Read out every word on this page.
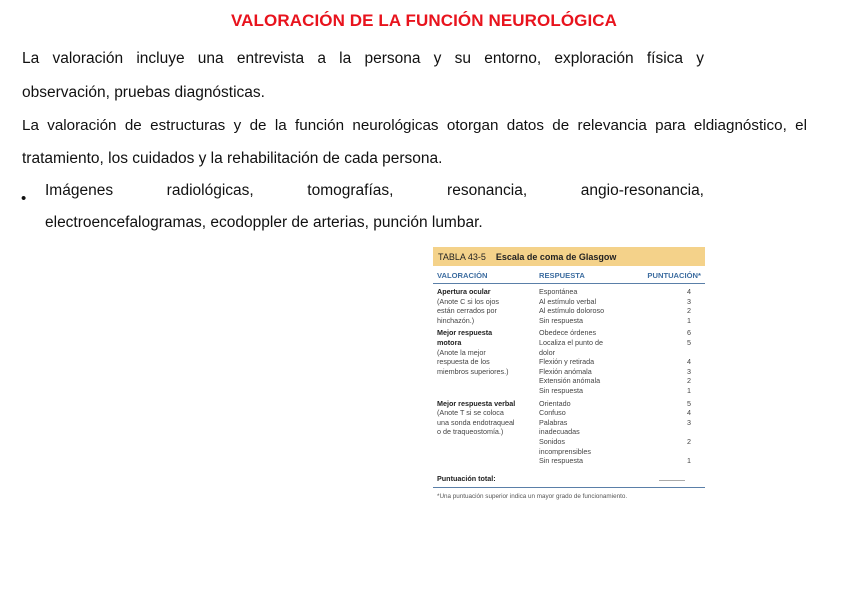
VALORACIÓN DE LA FUNCIÓN NEUROLÓGICA
La valoración incluye una entrevista a la persona y su entorno, exploración física y
observación, pruebas diagnósticas.
La valoración de estructuras y de la función neurológicas otorgan datos de relevancia para eldiagnóstico, el
tratamiento, los cuidados y la rehabilitación de cada persona.
• Imágenes radiológicas, tomografías, resonancia, angio-resonancia,
electroencefalogramas, ecodoppler de arterias, punción lumbar.
TABLA 43-5 Escala de coma de Glasgow
VALORACIÓN	RESPUESTA	PUNTUACIÓN*
Apertura ocular
(Anote C si los ojos
están cerrados por
hinchazón.)
Espontánea
Al estímulo verbal
Al estímulo doloroso
Sin respuesta
4
3
2
1
Mejor respuesta motora
(Anote la mejor
respuesta de los
miembros superiores.)
Obedece órdenes
Localiza el punto de dolor
Flexión y retirada
Flexión anómala
Extensión anómala
Sin respuesta
6
5
4
3
2
1
Mejor respuesta verbal
(Anote T si se coloca
una sonda endotraqueal
o de traqueostomía.)
Orientado
Confuso
Palabras inadecuadas
Sonidos incomprensibles
Sin respuesta
5
4
3
2
1
Puntuación total:
*Una puntuación superior indica un mayor grado de funcionamiento.
